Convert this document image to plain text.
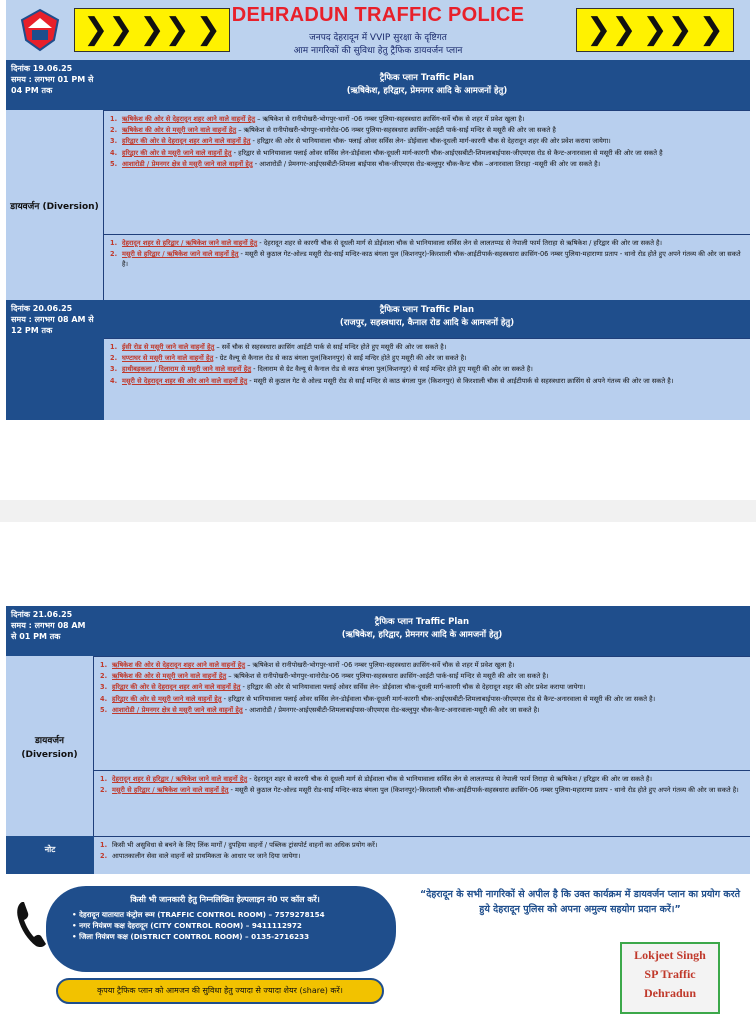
❯❯ ❯❯ ❯	❯❯ ❯❯ ❯
DEHRADUN TRAFFIC POLICE
जनपद देहरादून में VVIP सुरक्षा के दृष्टिगत
आम नागरिकों की सुविधा हेतु ट्रैफिक डायवर्जन प्लान
दिनांक 19.06.25
समय : लगभग 01 PM से 04 PM तक
ट्रैफिक प्लान Traffic Plan
(ऋषिकेश, हरिद्वार, प्रेमनगर आदि के आमजनों हेतु)
डायवर्जन (Diversion)
1. ऋषिकेश की ओर से देहरादून शहर आने वाले वाहनों हेतु – ऋषिकेश से रानीपोखरी-भोगपुर-थानों -06 नम्बर पुलिया-सहस्त्रधारा क्रासिंग-सर्वे चौक से शहर में प्रवेश खुला है।
2. ऋषिकेश की ओर से मसूरी जाने वाले वाहनों हेतु – ऋषिकेश से रानीपोखरी-भोगपुर-थानोरोड-06 नम्बर पुलिया-सहस्त्रधारा क्रासिंग-आईटी पार्क-साईं मन्दिर से मसूरी की ओर जा सकते है
3. हरिद्वार की ओर से देहरादून शहर आने वाले वाहनों हेतु - हरिद्वार की ओर से भानियावाला चौक- फ्लाई ओवर सर्विस लेन- डोईवाला चौक-दूधली मार्ग-कारगी चौक से देहरादून शहर की ओर प्रवेश कराया जायेगा।
4. हरिद्वार की ओर से मसूरी जाने वाले वाहनों हेतु - हरिद्वार से भानियावाला फ्लाई ओवर सर्विस लेन-डोईवाला चौक-दूधली मार्ग-कारगी चौक-आईएसबीटी-शिमलाबाईपास-जीएमएस रोड से कैन्ट-अनारवाला से मसूरी की ओर जा सकते है
5. आशारोडी / प्रेमनगर क्षेत्र से मसूरी जाने वाले वाहनों हेतु - आशारोडी / प्रेमनगर-आईएसबीटी-शिमला बाईपास चौक-जीएमएस रोड-बल्लुपुर चौक-कैन्ट चौक –अनारवाला तिराहा -मसूरी की ओर जा सकते है।
1. देहरादून शहर से हरिद्वार / ऋषिकेश जाने वाले वाहनों हेतु - देहरादून शहर से कारगी चौक से दूधली मार्ग से डोईवाला चौक से भानियावाला सर्विस लेन से लालतप्पड से नेपाली फार्म तिराहा से ऋषिकेश / हरिद्वार की ओर जा सकते है।
2. मसूरी से हरिद्वार / ऋषिकेश जाने वाले वाहनों हेतु - मसूरी से कुठाल गेट-ओल्ड मसूरी रोड-साईं मन्दिर-काठ बंगला पुल (किशनपुर)-किरशाली चौक-आईटीपार्क-सहस्त्रधारा क्रासिंग-06 नम्बर पुलिया-महाराणा प्रताप - थानो रोड होते हुए अपने गंतव्य की ओर जा सकते है।
दिनांक 20.06.25
समय : लगभग 08 AM से 12 PM तक
ट्रैफिक प्लान Traffic Plan
(राजपुर, सहस्त्रधारा, कैनाल रोड आदि के आमजनों हेतु)
1. ईसी रोड से मसूरी जाने वाले वाहनों हेतु – सर्वे चौक से सहस्त्रधारा क्रासिंग आईटी पार्क से साईं मन्दिर होते हुए मसूरी की ओर जा सकते है।
2. घण्टाघर से मसूरी जाने वाले वाहनों हेतु - ग्रेट वैल्यू से कैनाल रोड से काठ बंगला पुल(किशनपुर) से साईं मन्दिर होते हुए मसूरी की ओर जा सकते है।
3. हाथीबड़कला / दिलाराम से मसूरी जाने वाले वाहनों हेतु - दिलाराम से ग्रेट वैल्यू से कैनाल रोड से काठ बंगला पुल(किशनपुर) से साईं मन्दिर होते हुए मसूरी की ओर जा सकते है।
4. मसूरी से देहरादून शहर की ओर आने वाले वाहनों हेतु - मसूरी से कुठाल गेट से ओल्ड मसूरी रोड से साईं मन्दिर से काठ बंगला पुल (किशनपुर) से किरशाली चौक से आईटीपार्क से सहस्त्रधारा क्रासिंग से अपने गंतव्य की ओर जा सकते है।
दिनांक 21.06.25
समय : लगभग 08 AM से 01 PM तक
ट्रैफिक प्लान Traffic Plan
(ऋषिकेश, हरिद्वार, प्रेमनगर आदि के आमजनों हेतु)
डायवर्जन
(Diversion)
1. ऋषिकेश की ओर से देहरादून शहर आने वाले वाहनों हेतु – ऋषिकेश से रानीपोखरी-भोगपुर-थानों -06 नम्बर पुलिया-सहस्त्रधारा क्रासिंग-सर्वे चौक से शहर में प्रवेश खुला है।
2. ऋषिकेश की ओर से मसूरी जाने वाले वाहनों हेतु – ऋषिकेश से रानीपोखरी-भोगपुर-थानोरोड-06 नम्बर पुलिया-सहस्त्रधारा क्रासिंग-आईटी पार्क-साईं मन्दिर से मसूरी की ओर जा सकते है।
3. हरिद्वार की ओर से देहरादून शहर आने वाले वाहनों हेतु - हरिद्वार की ओर से भानियावाला फ्लाई ओवर सर्विस लेन- डोईवाला चौक-दूधली मार्ग-कारगी चौक से देहरादून शहर की ओर प्रवेश कराया जायेगा।
4. हरिद्वार की ओर से मसूरी जाने वाले वाहनों हेतु - हरिद्वार से भानियावाला फ्लाई ओवर सर्विस लेन-डोईवाला चौक-दूधली मार्ग-कारगी चौक-आईएसबीटी-शिमलाबाईपास-जीएमएस रोड से कैन्ट-अनारवाला से मसूरी की ओर जा सकते है।
5. आशारोडी / प्रेमनगर क्षेत्र से मसूरी जाने वाले वाहनों हेतु - आशारोडी / प्रेमनगर-आईएसबीटी-शिमलाबाईपास-जीएमएस रोड-बल्लुपुर चौक-कैन्ट-अनारवाला-मसूरी की ओर जा सकते है।
1. देहरादून शहर से हरिद्वार / ऋषिकेश जाने वाले वाहनों हेतु - देहरादून शहर से कारगी चौक से दूधली मार्ग से डोईवाला चौक से भानियावाला सर्विस लेन से लालतप्पड से नेपाली फार्म तिराहा से ऋषिकेश / हरिद्वार की ओर जा सकते है।
2. मसूरी से हरिद्वार / ऋषिकेश जाने वाले वाहनों हेतु - मसूरी से कुठाल गेट-ओल्ड मसूरी रोड-साईं मन्दिर-काठ बंगला पुल (किशनपुर)-किरशाली चौक-आईटीपार्क-सहस्त्रधारा क्रासिंग-06 नम्बर पुलिया-महाराणा प्रताप - थानो रोड होते हुए अपने गंतव्य की ओर जा सकते है।
नोट	1. किसी भी असुविधा से बचने के लिए लिंक मार्गों / दुपहिया वाहनों / पब्लिक ट्रांसपोर्ट वाहनों का अधिक प्रयोग करें।
2. आपातकालीन सेवा वाले वाहनों को प्राथमिकता के आधार पर जाने दिया जायेगा।
किसी भी जानकारी हेतु निम्नलिखित हेल्पलाइन नं0 पर कॉल करें।
• देहरादून यातायात कंट्रोल रूम (TRAFFIC CONTROL ROOM) – 7579278154
• नगर नियंत्रण कक्ष देहरादून (CITY CONTROL ROOM) – 9411112972
• जिला नियंत्रण कक्ष (DISTRICT CONTROL ROOM) – 0135-2716233
कृपया ट्रैफिक प्लान को आमजन की सुविधा हेतु ज्यादा से ज्यादा शेयर (share) करें।
“देहरादून के सभी नागरिकों से अपील है कि उक्त कार्यक्रम में डायवर्जन प्लान का प्रयोग करते हुये देहरादून पुलिस को अपना अमुल्य सहयोग प्रदान करें।”
Lokjeet Singh
SP Traffic
Dehradun
